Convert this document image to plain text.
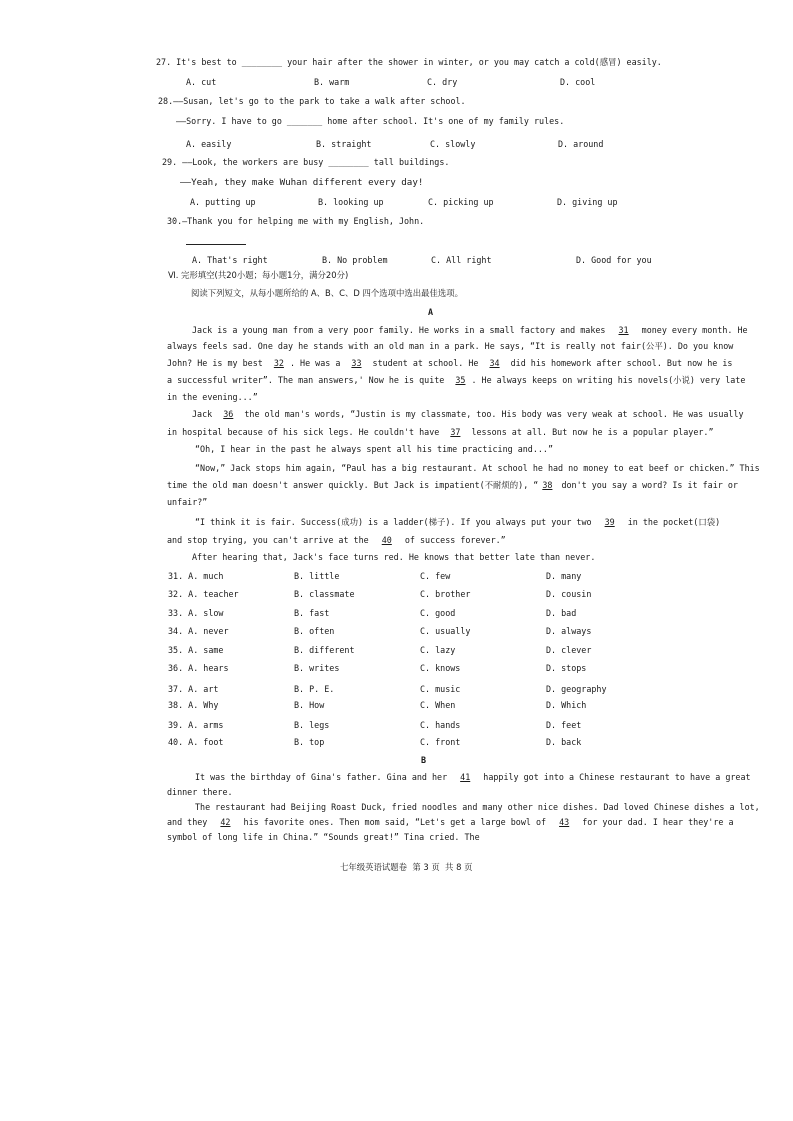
27. It's best to ________ your hair after the shower in winter, or you may catch a cold(感冒) easily.
A. cut	B. warm	C. dry	D. cool
28.——Susan, let's go to the park to take a walk after school.
——Sorry. I have to go _______ home after school. It's one of my family rules.
A. easily	B. straight	C. slowly	D. around
29. ——Look, the workers are busy ________ tall buildings.
——Yeah, they make Wuhan different every day!
A. putting up	B. looking up	C. picking up	D. giving up
30.—Thank you for helping me with my English, John.
A. That's right	B. No problem	C. All right	D. Good for you
Ⅵ. 完形填空(共20小题；每小题1分，满分20分)
阅读下列短文，从每小题所给的 A、B、C、D 四个选项中选出最佳选项。
A
Jack is a young man from a very poor family. He works in a small factory and makes 31 money every month. He
always feels sad. One day he stands with an old man in a park. He says, “It is really not fair(公平). Do you know
John? He is my best 32 . He was a 33 student at school. He 34 did his homework after school. But now he is
a successful writer”. The man answers,' Now he is quite 35 . He always keeps on writing his novels(小说) very late
in the evening...”
Jack 36 the old man's words, “Justin is my classmate, too. His body was very weak at school. He was usually
in hospital because of his sick legs. He couldn't have 37 lessons at all. But now he is a popular player.”
“Oh, I hear in the past he always spent all his time practicing and...”
“Now,” Jack stops him again, “Paul has a big restaurant. At school he had no money to eat beef or chicken.” This
time the old man doesn't answer quickly. But Jack is impatient(不耐烦的), “ 38 don't you say a word? Is it fair or
unfair?”
“I think it is fair. Success(成功) is a ladder(梯子). If you always put your two 39 in the pocket(口袋)
and stop trying, you can't arrive at the 40 of success forever.”
After hearing that, Jack's face turns red. He knows that better late than never.
31. A. much	B. little	C. few	D. many
32. A. teacher	B. classmate	C. brother	D. cousin
33. A. slow	B. fast	C. good	D. bad
34. A. never	B. often	C. usually	D. always
35. A. same	B. different	C. lazy	D. clever
36. A. hears	B. writes	C. knows	D. stops
37. A. art	B. P. E.	C. music	D. geography
38. A. Why	B. How	C. When	D. Which
39. A. arms	B. legs	C. hands	D. feet
40. A. foot	B. top	C. front	D. back
B
It was the birthday of Gina's father. Gina and her 41 happily got into a Chinese restaurant to have a great
dinner there.
The restaurant had Beijing Roast Duck, fried noodles and many other nice dishes. Dad loved Chinese dishes a lot,
and they 42 his favorite ones. Then mom said, “Let's get a large bowl of 43 for your dad. I hear they're a
symbol of long life in China.” “Sounds great!” Tina cried. The
七年级英语试题卷  第 3 页  共 8 页
